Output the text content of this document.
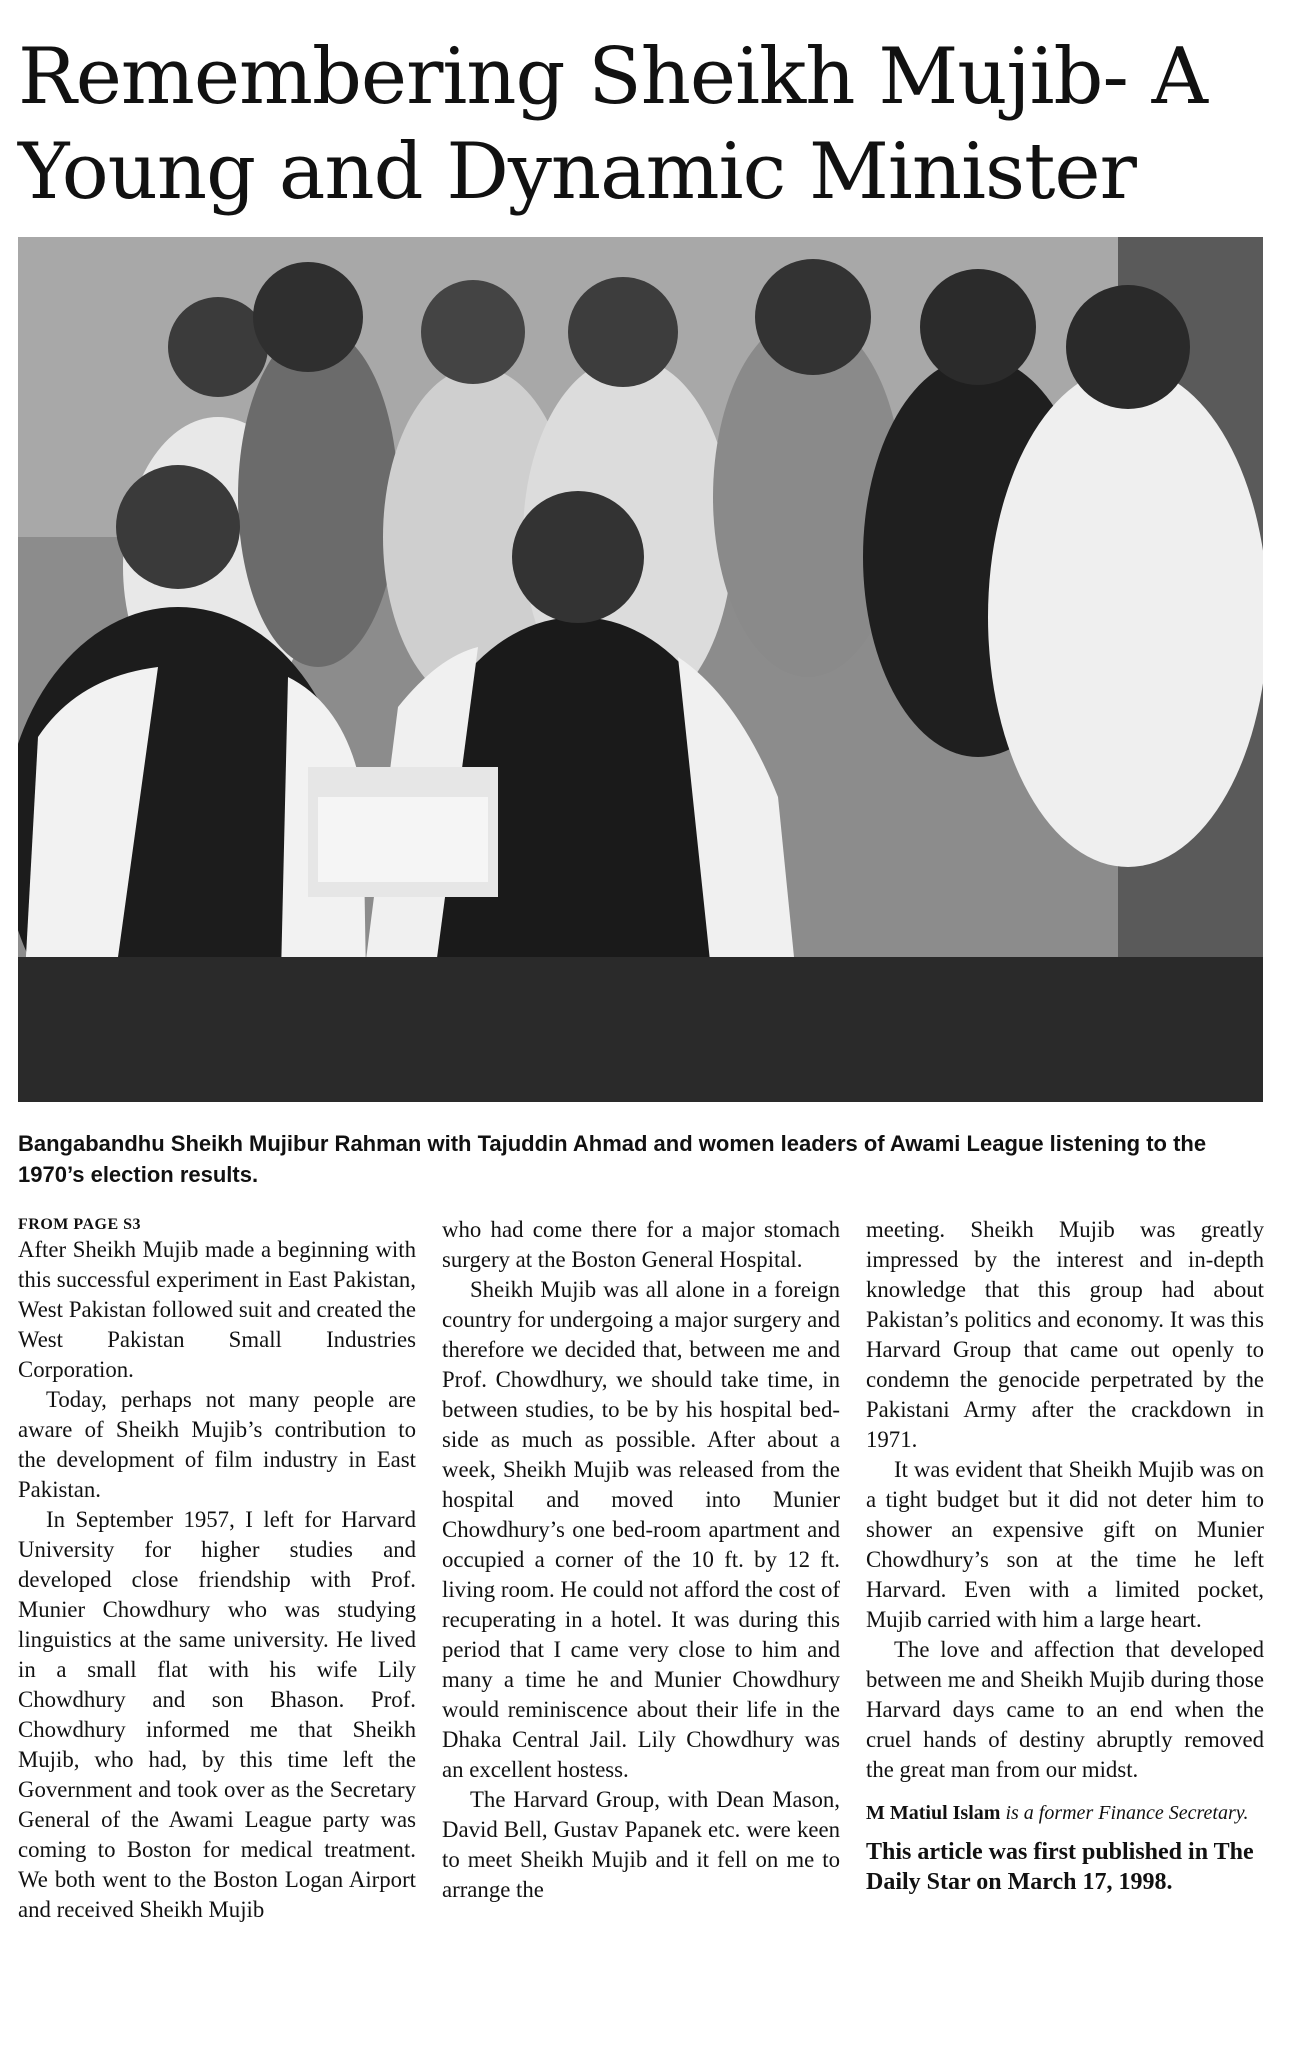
Remembering Sheikh Mujib- A Young and Dynamic Minister

Bangabandhu Sheikh Mujibur Rahman with Tajuddin Ahmad and women leaders of Awami League listening to the 1970’s election results.

FROM PAGE S3

After Sheikh Mujib made a beginning with this successful experiment in East Pakistan, West Pakistan followed suit and created the West Pakistan Small Industries Corporation.

Today, perhaps not many people are aware of Sheikh Mujib’s contribution to the development of film industry in East Pakistan.

In September 1957, I left for Harvard University for higher studies and developed close friendship with Prof. Munier Chowdhury who was studying linguistics at the same university. He lived in a small flat with his wife Lily Chowdhury and son Bhason. Prof. Chowdhury informed me that Sheikh Mujib, who had, by this time left the Government and took over as the Secretary General of the Awami League party was coming to Boston for medical treatment. We both went to the Boston Logan Airport and received Sheikh Mujib

who had come there for a major stomach surgery at the Boston General Hospital.

Sheikh Mujib was all alone in a foreign country for undergoing a major surgery and therefore we decided that, between me and Prof. Chowdhury, we should take time, in between studies, to be by his hospital bed-side as much as possible. After about a week, Sheikh Mujib was released from the hospital and moved into Munier Chowdhury’s one bed-room apartment and occupied a corner of the 10 ft. by 12 ft. living room. He could not afford the cost of recuperating in a hotel. It was during this period that I came very close to him and many a time he and Munier Chowdhury would reminiscence about their life in the Dhaka Central Jail. Lily Chowdhury was an excellent hostess.

The Harvard Group, with Dean Mason, David Bell, Gustav Papanek etc. were keen to meet Sheikh Mujib and it fell on me to arrange the

meeting. Sheikh Mujib was greatly impressed by the interest and in-depth knowledge that this group had about Pakistan’s politics and economy. It was this Harvard Group that came out openly to condemn the genocide perpetrated by the Pakistani Army after the crackdown in 1971.

It was evident that Sheikh Mujib was on a tight budget but it did not deter him to shower an expensive gift on Munier Chowdhury’s son at the time he left Harvard. Even with a limited pocket, Mujib carried with him a large heart.

The love and affection that developed between me and Sheikh Mujib during those Harvard days came to an end when the cruel hands of destiny abruptly removed the great man from our midst.

M Matiul Islam is a former Finance Secretary.

This article was first published in The Daily Star on March 17, 1998.
